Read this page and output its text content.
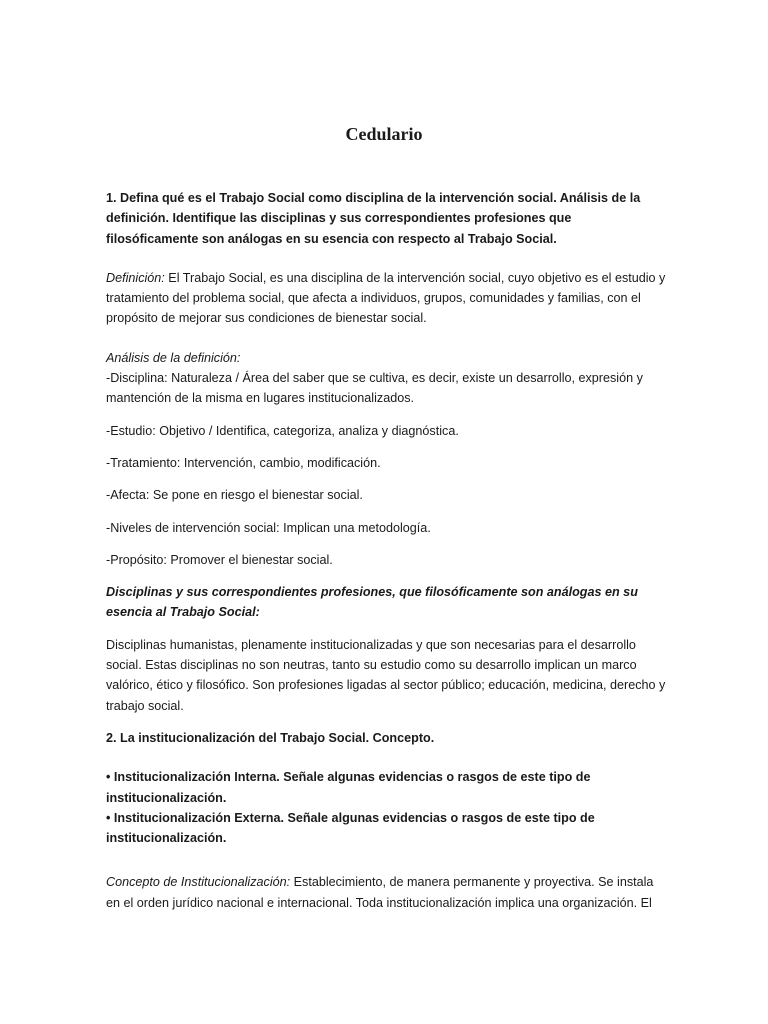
Cedulario

1. Defina qué es el Trabajo Social como disciplina de la intervención social. Análisis de la definición. Identifique las disciplinas y sus correspondientes profesiones que filosóficamente son análogas en su esencia con respecto al Trabajo Social.

Definición: El Trabajo Social, es una disciplina de la intervención social, cuyo objetivo es el estudio y tratamiento del problema social, que afecta a individuos, grupos, comunidades y familias, con el propósito de mejorar sus condiciones de bienestar social.

Análisis de la definición:

-Disciplina: Naturaleza / Área del saber que se cultiva, es decir, existe un desarrollo, expresión y mantención de la misma en lugares institucionalizados.

-Estudio: Objetivo / Identifica, categoriza, analiza y diagnóstica.

-Tratamiento: Intervención, cambio, modificación.

-Afecta: Se pone en riesgo el bienestar social.

-Niveles de intervención social: Implican una metodología.

-Propósito: Promover el bienestar social.

Disciplinas y sus correspondientes profesiones, que filosóficamente son análogas en su esencia al Trabajo Social:

Disciplinas humanistas, plenamente institucionalizadas y que son necesarias para el desarrollo social. Estas disciplinas no son neutras, tanto su estudio como su desarrollo implican un marco valórico, ético y filosófico. Son profesiones ligadas al sector público; educación, medicina, derecho y trabajo social.

2. La institucionalización del Trabajo Social. Concepto.

• Institucionalización Interna. Señale algunas evidencias o rasgos de este tipo de institucionalización.

• Institucionalización Externa. Señale algunas evidencias o rasgos de este tipo de institucionalización.

Concepto de Institucionalización: Establecimiento, de manera permanente y proyectiva. Se instala en el orden jurídico nacional e internacional. Toda institucionalización implica una organización. El
